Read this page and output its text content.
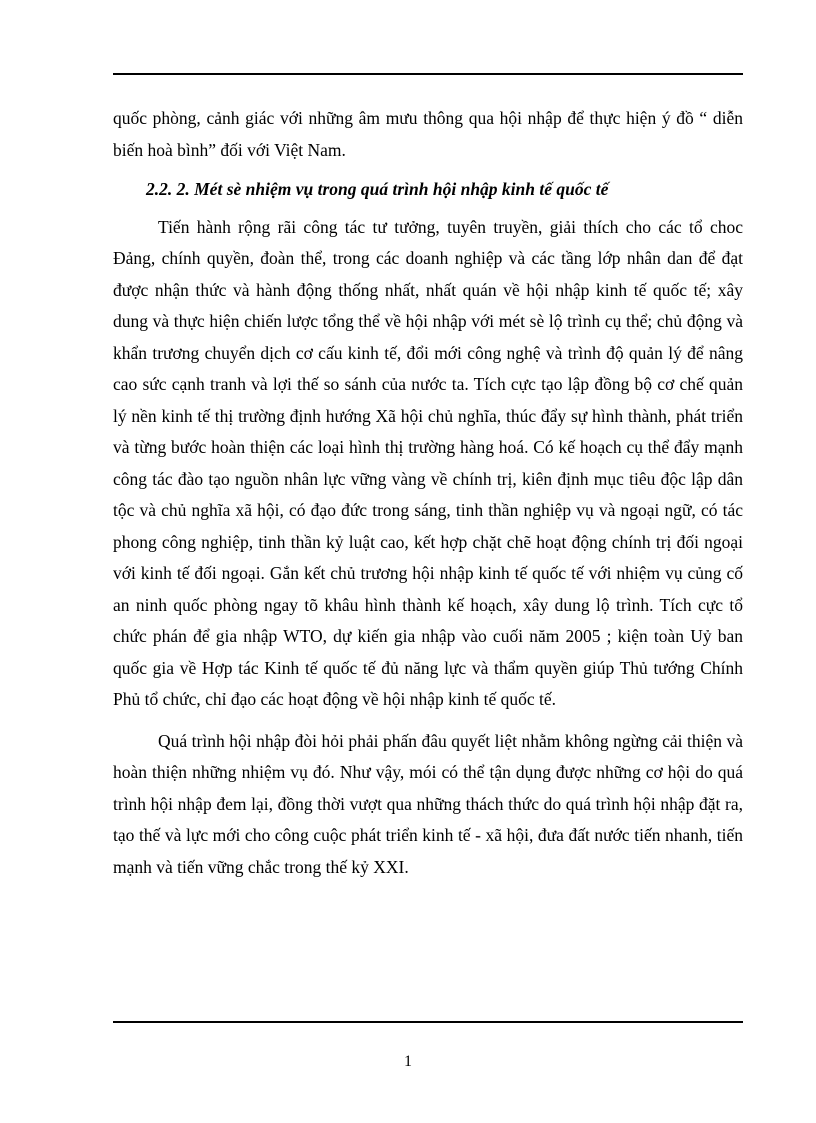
quốc phòng, cảnh giác với những âm mưu thông qua hội nhập để thực hiện ý đồ “ diễn biến hoà bình” đối với Việt Nam.

2.2. 2. Mét sè nhiệm vụ trong quá trình hội nhập kinh tế quốc tế

Tiến hành rộng rãi công tác tư tưởng, tuyên truyền, giải thích cho các tổ choc Đảng, chính quyền, đoàn thể, trong các doanh nghiệp và các tầng lớp nhân dan để đạt được nhận thức và hành động thống nhất, nhất quán về hội nhập kinh tế quốc tế; xây dung và thực hiện chiến lược tổng thể về hội nhập với mét sè lộ trình cụ thể; chủ động và khẩn trương chuyển dịch cơ cấu kinh tế, đổi mới công nghệ và trình độ quản lý để nâng cao sức cạnh tranh và lợi thế so sánh của nước ta. Tích cực tạo lập đồng bộ cơ chế quản lý nền kinh tế thị trường định hướng Xã hội chủ nghĩa, thúc đẩy sự hình thành, phát triển và từng bước hoàn thiện các loại hình thị trường hàng hoá. Có kế hoạch cụ thể đẩy mạnh công tác đào tạo nguồn nhân lực vững vàng về chính trị, kiên định mục tiêu độc lập dân tộc và chủ nghĩa xã hội, có đạo đức trong sáng, tinh thần nghiệp vụ và ngoại ngữ, có tác phong công nghiệp, tinh thần kỷ luật cao, kết hợp chặt chẽ hoạt động chính trị đối ngoại với kinh tế đối ngoại. Gắn kết chủ trương hội nhập kinh tế quốc tế với nhiệm vụ củng cố an ninh quốc phòng ngay tõ khâu hình thành kế hoạch, xây dung lộ trình. Tích cực tổ chức phán để gia nhập WTO, dự kiến gia nhập vào cuối năm 2005 ; kiện toàn Uỷ ban quốc gia về Hợp tác Kinh tế quốc tế đủ năng lực và thẩm quyền giúp Thủ tướng Chính Phủ tổ chức, chỉ đạo các hoạt động về hội nhập kinh tế quốc tế.

Quá trình hội nhập đòi hỏi phải phấn đâu quyết liệt nhằm không ngừng cải thiện và hoàn thiện những nhiệm vụ đó. Như vậy, mói có thể tận dụng được những cơ hội do quá trình hội nhập đem lại, đồng thời vượt qua những thách thức do quá trình hội nhập đặt ra, tạo thế và lực mới cho công cuộc phát triển kinh tế - xã hội, đưa đất nước tiến nhanh, tiến mạnh và tiến vững chắc trong thế kỷ XXI.

1
